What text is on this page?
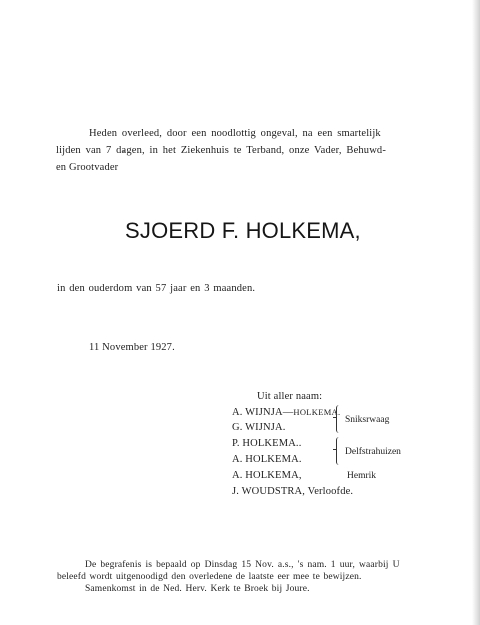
Heden overleed, door een noodlottig ongeval, na een smartelijk
lijden van 7 dagen, in het Ziekenhuis te Terband, onze Vader, Behuwd-
en Grootvader
SJOERD F. HOLKEMA,
in den ouderdom van 57 jaar en 3 maanden.
11 November 1927.
Uit aller naam:
A. WIJNJA—HOLKEMA.
G. WIJNJA.
P. HOLKEMA..
A. HOLKEMA.
A. HOLKEMA,
J. WOUDSTRA, Verloofde.
Sniksrwaag
Delfstrahuizen
Hemrik
De begrafenis is bepaald op Dinsdag 15 Nov. a.s., 's nam. 1 uur, waarbij U
beleefd wordt uitgenoodigd den overledene de laatste eer mee te bewijzen.
Samenkomst in de Ned. Herv. Kerk te Broek bij Joure.
